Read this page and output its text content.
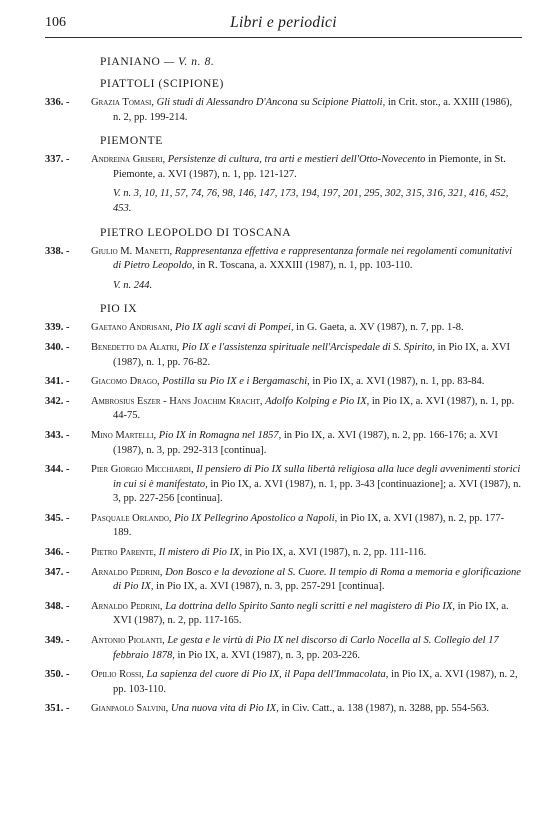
106	Libri e periodici
PIANIANO — V. n. 8.
PIATTOLI (SCIPIONE)
336. -	Grazia Tomasi, Gli studi di Alessandro D'Ancona su Scipione Piattoli, in Crit. stor., a. XXIII (1986), n. 2, pp. 199-214.
PIEMONTE
337. -	Andreina Griseri, Persistenze di cultura, tra arti e mestieri dell'Otto-Novecento in Piemonte, in St. Piemonte, a. XVI (1987), n. 1, pp. 121-127.
V. n. 3, 10, 11, 57, 74, 76, 98, 146, 147, 173, 194, 197, 201, 295, 302, 315, 316, 321, 416, 452, 453.
PIETRO LEOPOLDO DI TOSCANA
338. -	Giulio M. Manetti, Rappresentanza effettiva e rappresentanza formale nei regolamenti comunitativi di Pietro Leopoldo, in R. Toscana, a. XXXIII (1987), n. 1, pp. 103-110.
V. n. 244.
PIO IX
339. -	Gaetano Andrisani, Pio IX agli scavi di Pompei, in G. Gaeta, a. XV (1987), n. 7, pp. 1-8.
340. -	Benedetto da Alatri, Pio IX e l'assistenza spirituale nell'Arcispedale di S. Spirito, in Pio IX, a. XVI (1987), n. 1, pp. 76-82.
341. -	Giacomo Drago, Postilla su Pio IX e i Bergamaschi, in Pio IX, a. XVI (1987), n. 1, pp. 83-84.
342. -	Ambrosius Eszer - Hans Joachim Kracht, Adolfo Kolping e Pio IX, in Pio IX, a. XVI (1987), n. 1, pp. 44-75.
343. -	Mino Martelli, Pio IX in Romagna nel 1857, in Pio IX, a. XVI (1987), n. 2, pp. 166-176; a. XVI (1987), n. 3, pp. 292-313 [continua].
344. -	Pier Giorgio Micchiardi, Il pensiero di Pio IX sulla libertà religiosa alla luce degli avvenimenti storici in cui si è manifestato, in Pio IX, a. XVI (1987), n. 1, pp. 3-43 [continuazione]; a. XVI (1987), n. 3, pp. 227-256 [continua].
345. -	Pasquale Orlando, Pio IX Pellegrino Apostolico a Napoli, in Pio IX, a. XVI (1987), n. 2, pp. 177-189.
346. -	Pietro Parente, Il mistero di Pio IX, in Pio IX, a. XVI (1987), n. 2, pp. 111-116.
347. -	Arnaldo Pedrini, Don Bosco e la devozione al S. Cuore. Il tempio di Roma a memoria e glorificazione di Pio IX, in Pio IX, a. XVI (1987), n. 3, pp. 257-291 [continua].
348. -	Arnaldo Pedrini, La dottrina dello Spirito Santo negli scritti e nel magistero di Pio IX, in Pio IX, a. XVI (1987), n. 2, pp. 117-165.
349. -	Antonio Piolanti, Le gesta e le virtù di Pio IX nel discorso di Carlo Nocella al S. Collegio del 17 febbraio 1878, in Pio IX, a. XVI (1987), n. 3, pp. 203-226.
350. -	Opilio Rossi, La sapienza del cuore di Pio IX, il Papa dell'Immacolata, in Pio IX, a. XVI (1987), n. 2, pp. 103-110.
351. -	Gianpaolo Salvini, Una nuova vita di Pio IX, in Civ. Catt., a. 138 (1987), n. 3288, pp. 554-563.
